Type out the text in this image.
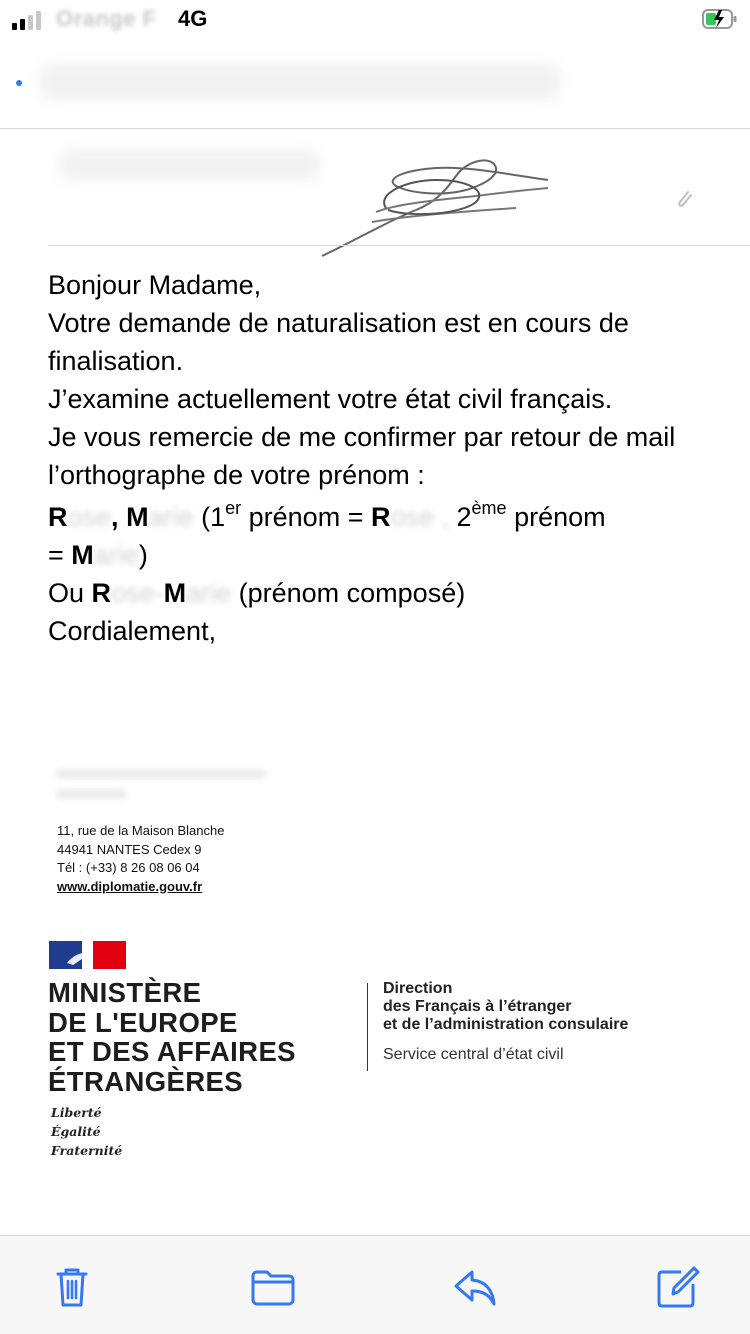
Orange F 4G

Bonjour Madame,

Votre demande de naturalisation est en cours de finalisation.

J’examine actuellement votre état civil français.

Je vous remercie de me confirmer par retour de mail l’orthographe de votre prénom :

Rose, Marie (1er prénom = Rose , 2ème prénom
= Marie)

Ou Rose-Marie (prénom composé)

Cordialement,

11, rue de la Maison Blanche
44941 NANTES Cedex 9
Tél : (+33) 8 26 08 06 04
www.diplomatie.gouv.fr
MINISTÈRE
DE L'EUROPE
ET DES AFFAIRES
ÉTRANGÈRES
Liberté
Égalité
Fraternité
Direction
des Français à l’étranger
et de l’administration consulaire
Service central d’état civil
